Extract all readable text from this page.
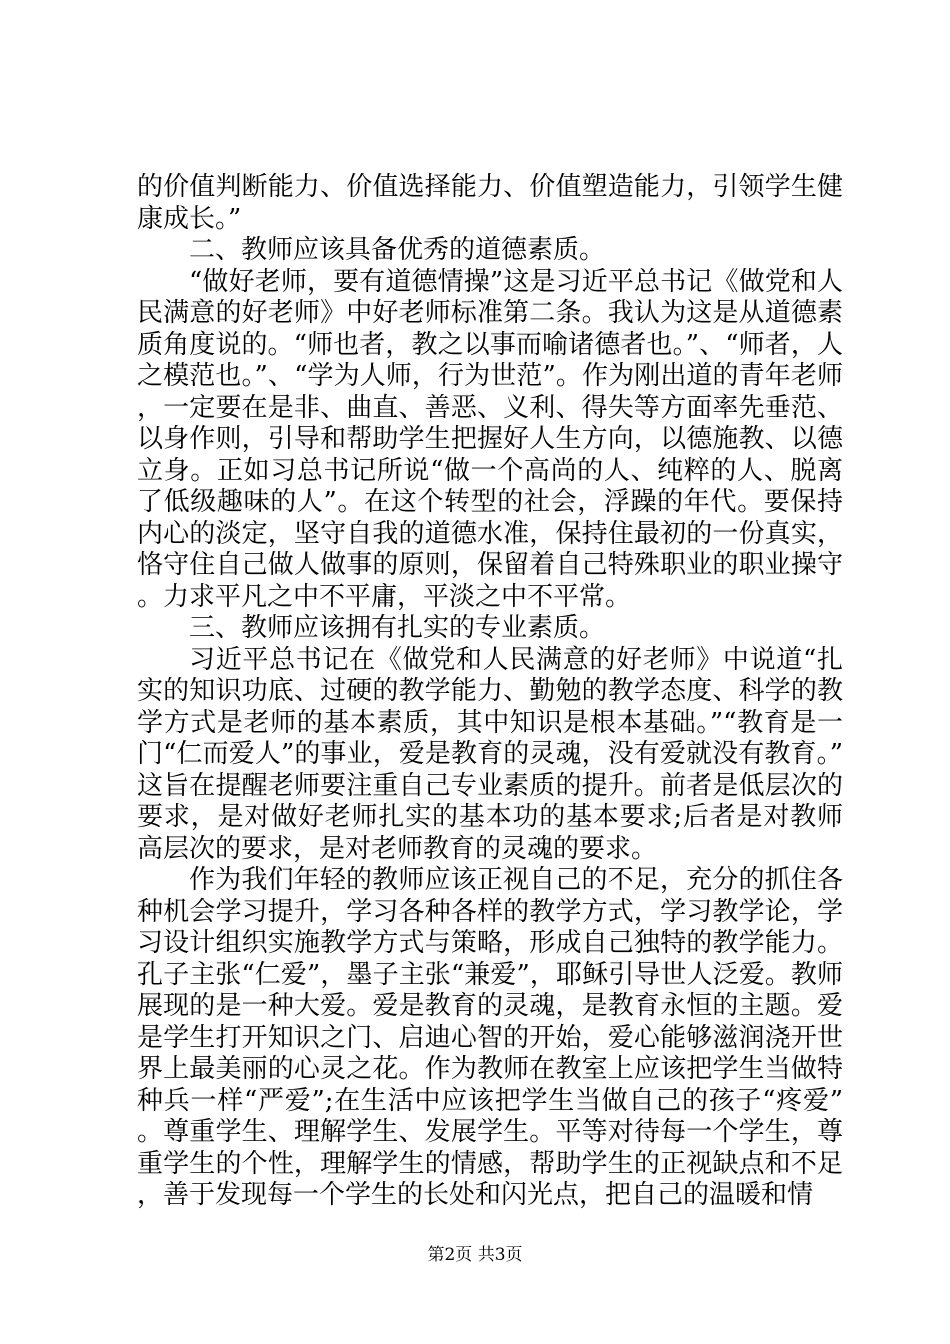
的价值判断能力、价值选择能力、价值塑造能力，引领学生健康成长。”

二、教师应该具备优秀的道德素质。

“做好老师，要有道德情操”这是习近平总书记《做党和人民满意的好老师》中好老师标准第二条。我认为这是从道德素质角度说的。“师也者，教之以事而喻诸德者也。”、“师者，人之模范也。”、“学为人师，行为世范”。作为刚出道的青年老师，一定要在是非、曲直、善恶、义利、得失等方面率先垂范、以身作则，引导和帮助学生把握好人生方向，以德施教、以德立身。正如习总书记所说“做一个高尚的人、纯粹的人、脱离了低级趣味的人”。在这个转型的社会，浮躁的年代。要保持内心的淡定，坚守自我的道德水准，保持住最初的一份真实，恪守住自己做人做事的原则，保留着自己特殊职业的职业操守。力求平凡之中不平庸，平淡之中不平常。

三、教师应该拥有扎实的专业素质。

习近平总书记在《做党和人民满意的好老师》中说道“扎实的知识功底、过硬的教学能力、勤勉的教学态度、科学的教学方式是老师的基本素质，其中知识是根本基础。”“教育是一门“仁而爱人”的事业，爱是教育的灵魂，没有爱就没有教育。”这旨在提醒老师要注重自己专业素质的提升。前者是低层次的要求，是对做好老师扎实的基本功的基本要求;后者是对教师高层次的要求，是对老师教育的灵魂的要求。

作为我们年轻的教师应该正视自己的不足，充分的抓住各种机会学习提升，学习各种各样的教学方式，学习教学论，学习设计组织实施教学方式与策略，形成自己独特的教学能力。孔子主张“仁爱”，墨子主张“兼爱”，耶稣引导世人泛爱。教师展现的是一种大爱。爱是教育的灵魂，是教育永恒的主题。爱是学生打开知识之门、启迪心智的开始，爱心能够滋润浇开世界上最美丽的心灵之花。作为教师在教室上应该把学生当做特种兵一样“严爱”;在生活中应该把学生当做自己的孩子“疼爱”。尊重学生、理解学生、发展学生。平等对待每一个学生，尊重学生的个性，理解学生的情感，帮助学生的正视缺点和不足，善于发现每一个学生的长处和闪光点，把自己的温暖和情

第2页 共3页
